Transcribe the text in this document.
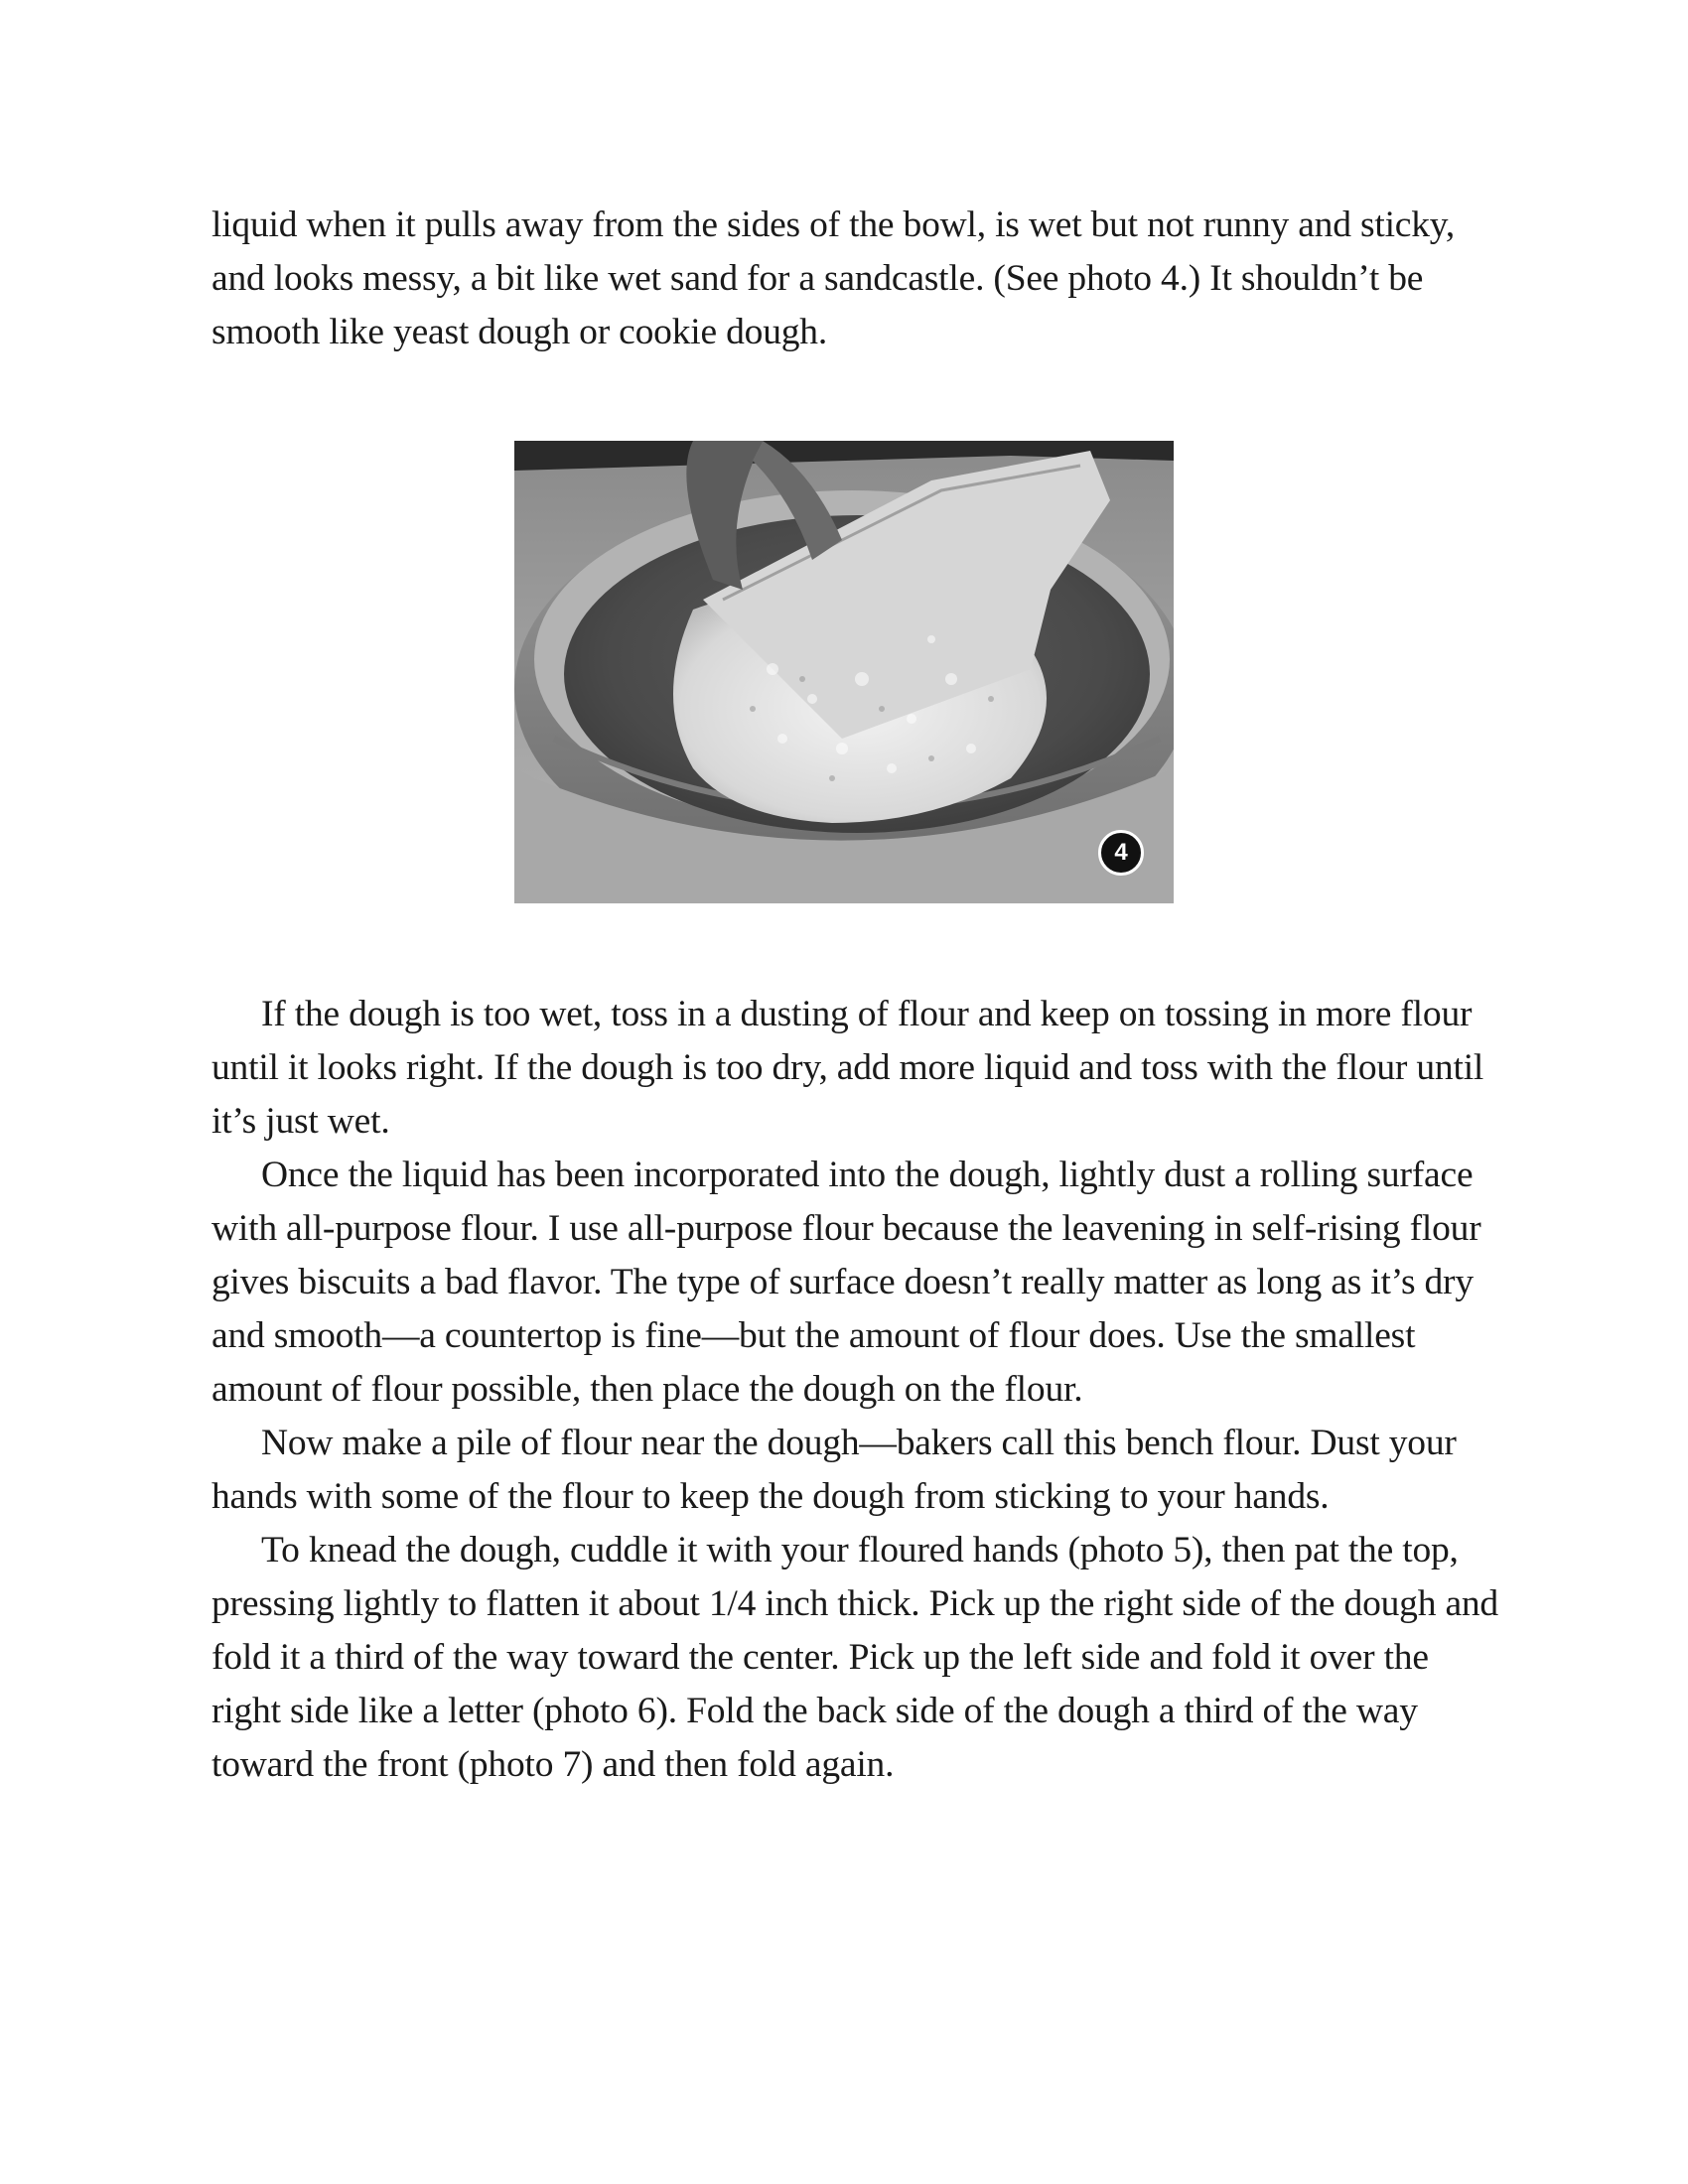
liquid when it pulls away from the sides of the bowl, is wet but not runny and sticky, and looks messy, a bit like wet sand for a sandcastle. (See photo 4.) It shouldn’t be smooth like yeast dough or cookie dough.

4

If the dough is too wet, toss in a dusting of flour and keep on tossing in more flour until it looks right. If the dough is too dry, add more liquid and toss with the flour until it’s just wet.

Once the liquid has been incorporated into the dough, lightly dust a rolling surface with all-purpose flour. I use all-purpose flour because the leavening in self-rising flour gives biscuits a bad flavor. The type of surface doesn’t really matter as long as it’s dry and smooth—a countertop is fine—but the amount of flour does. Use the smallest amount of flour possible, then place the dough on the flour.

Now make a pile of flour near the dough—bakers call this bench flour. Dust your hands with some of the flour to keep the dough from sticking to your hands.

To knead the dough, cuddle it with your floured hands (photo 5), then pat the top, pressing lightly to flatten it about 1/4 inch thick. Pick up the right side of the dough and fold it a third of the way toward the center. Pick up the left side and fold it over the right side like a letter (photo 6). Fold the back side of the dough a third of the way toward the front (photo 7) and then fold again.
